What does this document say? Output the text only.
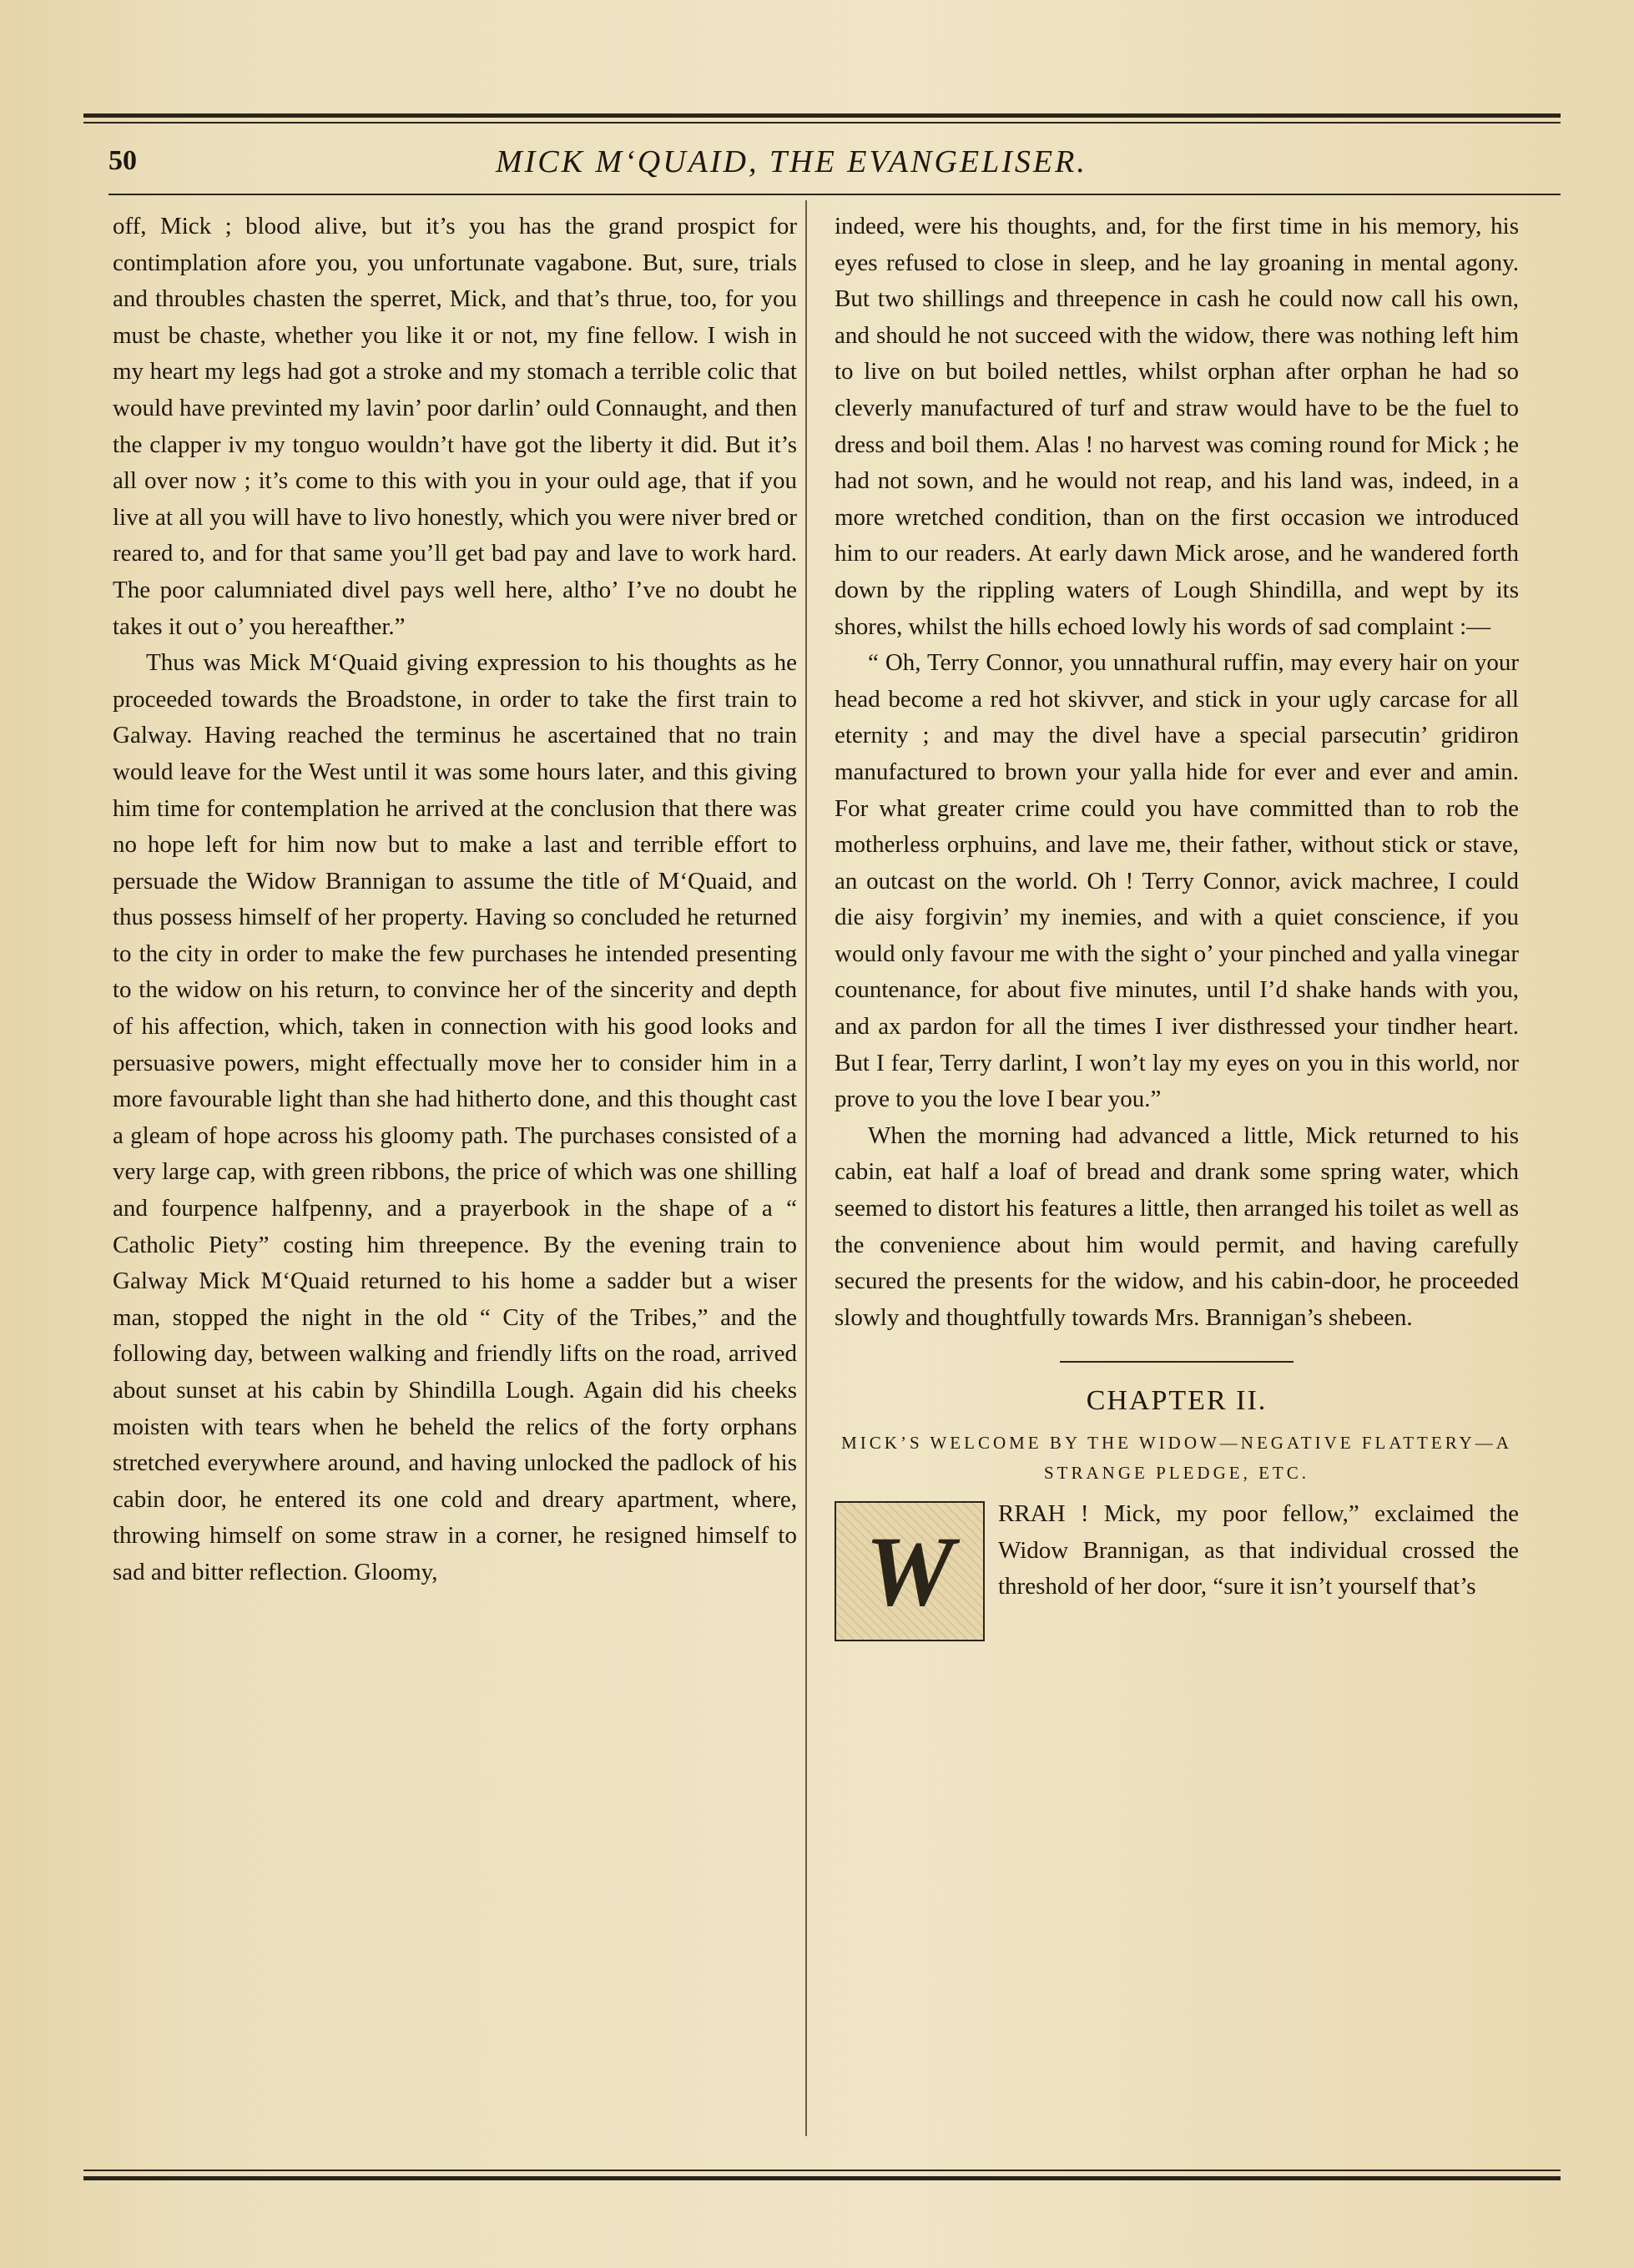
50	MICK M‘QUAID, THE EVANGELISER.

off, Mick ; blood alive, but it’s you has the grand prospict for contimplation afore you, you unfortunate vagabone. But, sure, trials and throubles chasten the sperret, Mick, and that’s thrue, too, for you must be chaste, whether you like it or not, my fine fellow. I wish in my heart my legs had got a stroke and my stomach a terrible colic that would have previnted my lavin’ poor darlin’ ould Connaught, and then the clapper iv my tonguo wouldn’t have got the liberty it did. But it’s all over now ; it’s come to this with you in your ould age, that if you live at all you will have to livo honestly, which you were niver bred or reared to, and for that same you’ll get bad pay and lave to work hard. The poor calumniated divel pays well here, altho’ I’ve no doubt he takes it out o’ you hereafther.”

Thus was Mick M‘Quaid giving expression to his thoughts as he proceeded towards the Broadstone, in order to take the first train to Galway. Having reached the terminus he ascertained that no train would leave for the West until it was some hours later, and this giving him time for contemplation he arrived at the conclusion that there was no hope left for him now but to make a last and terrible effort to persuade the Widow Brannigan to assume the title of M‘Quaid, and thus possess himself of her property. Having so concluded he returned to the city in order to make the few purchases he intended presenting to the widow on his return, to convince her of the sincerity and depth of his affection, which, taken in connection with his good looks and persuasive powers, might effectually move her to consider him in a more favourable light than she had hitherto done, and this thought cast a gleam of hope across his gloomy path. The purchases consisted of a very large cap, with green ribbons, the price of which was one shilling and fourpence halfpenny, and a prayerbook in the shape of a “ Catholic Piety” costing him threepence. By the evening train to Galway Mick M‘Quaid returned to his home a sadder but a wiser man, stopped the night in the old “ City of the Tribes,” and the following day, between walking and friendly lifts on the road, arrived about sunset at his cabin by Shindilla Lough. Again did his cheeks moisten with tears when he beheld the relics of the forty orphans stretched everywhere around, and having unlocked the padlock of his cabin door, he entered its one cold and dreary apartment, where, throwing himself on some straw in a corner, he resigned himself to sad and bitter reflection. Gloomy,

indeed, were his thoughts, and, for the first time in his memory, his eyes refused to close in sleep, and he lay groaning in mental agony. But two shillings and threepence in cash he could now call his own, and should he not succeed with the widow, there was nothing left him to live on but boiled nettles, whilst orphan after orphan he had so cleverly manufactured of turf and straw would have to be the fuel to dress and boil them. Alas ! no harvest was coming round for Mick ; he had not sown, and he would not reap, and his land was, indeed, in a more wretched condition, than on the first occasion we introduced him to our readers. At early dawn Mick arose, and he wandered forth down by the rippling waters of Lough Shindilla, and wept by its shores, whilst the hills echoed lowly his words of sad complaint :—

“ Oh, Terry Connor, you unnathural ruffin, may every hair on your head become a red hot skivver, and stick in your ugly carcase for all eternity ; and may the divel have a special parsecutin’ gridiron manufactured to brown your yalla hide for ever and ever and amin. For what greater crime could you have committed than to rob the motherless orphuins, and lave me, their father, without stick or stave, an outcast on the world. Oh ! Terry Connor, avick machree, I could die aisy forgivin’ my inemies, and with a quiet conscience, if you would only favour me with the sight o’ your pinched and yalla vinegar countenance, for about five minutes, until I’d shake hands with you, and ax pardon for all the times I iver disthressed your tindher heart. But I fear, Terry darlint, I won’t lay my eyes on you in this world, nor prove to you the love I bear you.”

When the morning had advanced a little, Mick returned to his cabin, eat half a loaf of bread and drank some spring water, which seemed to distort his features a little, then arranged his toilet as well as the convenience about him would permit, and having carefully secured the presents for the widow, and his cabin-door, he proceeded slowly and thoughtfully towards Mrs. Brannigan’s shebeen.

CHAPTER II.
MICK’S WELCOME BY THE WIDOW—NEGATIVE FLATTERY—A STRANGE PLEDGE, ETC.
W

RRAH ! Mick, my poor fellow,” exclaimed the Widow Brannigan, as that individual crossed the threshold of her door, “sure it isn’t yourself that’s
